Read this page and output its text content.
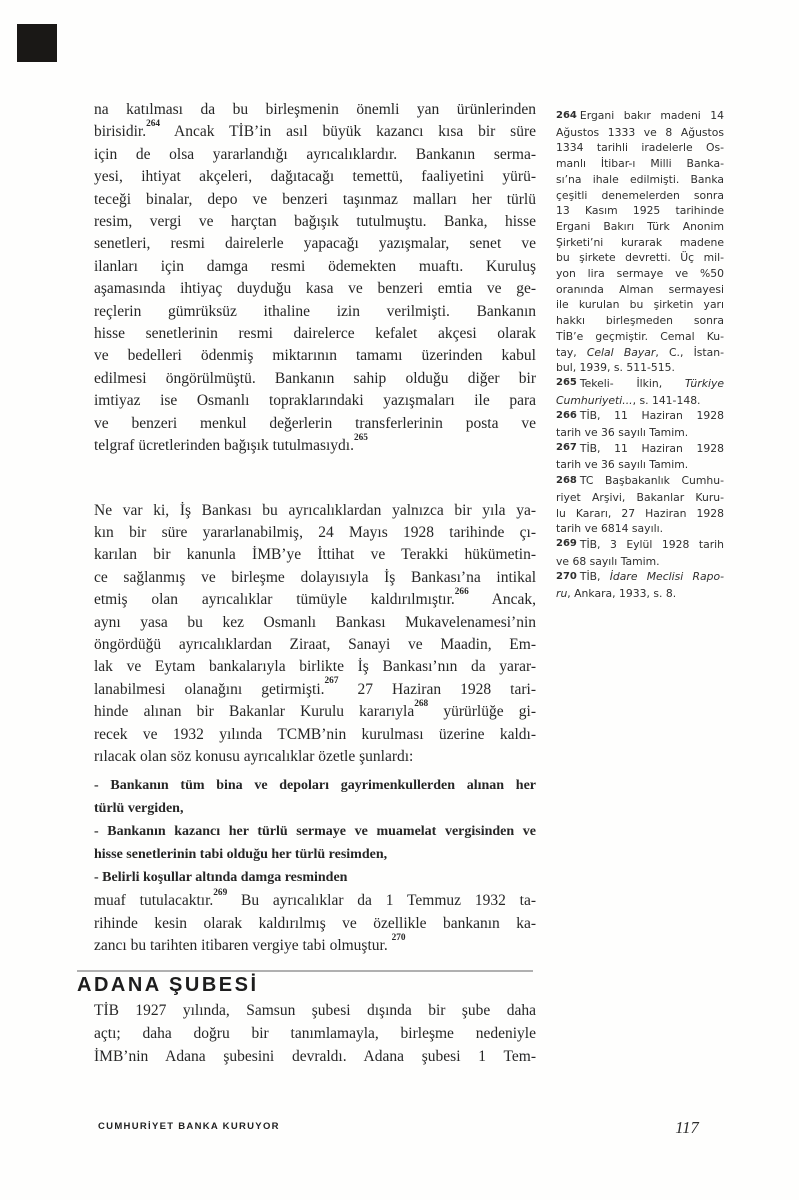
na katılması da bu birleşmenin önemli yan ürünlerinden
birisidir.$^{264}$ Ancak TİB’in asıl büyük kazancı kısa bir süre
için de olsa yararlandığı ayrıcalıklardır. Bankanın serma-
yesi, ihtiyat akçeleri, dağıtacağı temettü, faaliyetini yürü-
teceği binalar, depo ve benzeri taşınmaz malları her türlü
resim, vergi ve harçtan bağışık tutulmuştu. Banka, hisse
senetleri, resmi dairelerle yapacağı yazışmalar, senet ve
ilanları için damga resmi ödemekten muaftı. Kuruluş
aşamasında ihtiyaç duyduğu kasa ve benzeri emtia ve ge-
reçlerin gümrüksüz ithaline izin verilmişti. Bankanın
hisse senetlerinin resmi dairelerce kefalet akçesi olarak
ve bedelleri ödenmiş miktarının tamamı üzerinden kabul
edilmesi öngörülmüştü. Bankanın sahip olduğu diğer bir
imtiyaz ise Osmanlı topraklarındaki yazışmaları ile para
ve benzeri menkul değerlerin transferlerinin posta ve
telgraf ücretlerinden bağışık tutulmasıydı.$^{265}$
Ne var ki, İş Bankası bu ayrıcalıklardan yalnızca bir yıla ya-
kın bir süre yararlanabilmiş, 24 Mayıs 1928 tarihinde çı-
karılan bir kanunla İMB’ye İttihat ve Terakki hükümetin-
ce sağlanmış ve birleşme dolayısıyla İş Bankası’na intikal
etmiş olan ayrıcalıklar tümüyle kaldırılmıştır.$^{266}$ Ancak,
aynı yasa bu kez Osmanlı Bankası Mukavelenamesi’nin
öngördüğü ayrıcalıklardan Ziraat, Sanayi ve Maadin, Em-
lak ve Eytam bankalarıyla birlikte İş Bankası’nın da yarar-
lanabilmesi olanağını getirmişti.$^{267}$ 27 Haziran 1928 tari-
hinde alınan bir Bakanlar Kurulu kararıyla$^{268}$ yürürlüğe gi-
recek ve 1932 yılında TCMB’nin kurulması üzerine kaldı-
rılacak olan söz konusu ayrıcalıklar özetle şunlardı:
- Bankanın tüm bina ve depoları gayrimenkullerden alınan her
türlü vergiden,
- Bankanın kazancı her türlü sermaye ve muamelat vergisinden ve
hisse senetlerinin tabi olduğu her türlü resimden,
- Belirli koşullar altında damga resminden
muaf tutulacaktır.$^{269}$ Bu ayrıcalıklar da 1 Temmuz 1932 ta-
rihinde kesin olarak kaldırılmış ve özellikle bankanın ka-
zancı bu tarihten itibaren vergiye tabi olmuştur. $^{270}$
ADANA ŞUBESİ
TİB 1927 yılında, Samsun şubesi dışında bir şube daha
açtı; daha doğru bir tanımlamayla, birleşme nedeniyle
İMB’nin Adana şubesini devraldı. Adana şubesi 1 Tem-
264 Ergani bakır madeni 14
Ağustos 1333 ve 8 Ağustos
1334 tarihli iradelerle Os-
manlı İtibar-ı Milli Banka-
sı’na ihale edilmişti. Banka
çeşitli denemelerden sonra
13 Kasım 1925 tarihinde
Ergani Bakırı Türk Anonim
Şirketi’ni kurarak madene
bu şirkete devretti. Üç mil-
yon lira sermaye ve %50
oranında Alman sermayesi
ile kurulan bu şirketin yarı
hakkı birleşmeden sonra
TİB’e geçmiştir. Cemal Ku-
tay, Celal Bayar, C., İstan-
bul, 1939, s. 511-515.
265 Tekeli- İlkin, Türkiye
Cumhuriyeti..., s. 141-148.
266 TİB, 11 Haziran 1928
tarih ve 36 sayılı Tamim.
267 TİB, 11 Haziran 1928
tarih ve 36 sayılı Tamim.
268 TC Başbakanlık Cumhu-
riyet Arşivi, Bakanlar Kuru-
lu Kararı, 27 Haziran 1928
tarih ve 6814 sayılı.
269 TİB, 3 Eylül 1928 tarih
ve 68 sayılı Tamim.
270 TİB, İdare Meclisi Rapo-
ru, Ankara, 1933, s. 8.
CUMHURİYET BANKA KURUYOR	117
